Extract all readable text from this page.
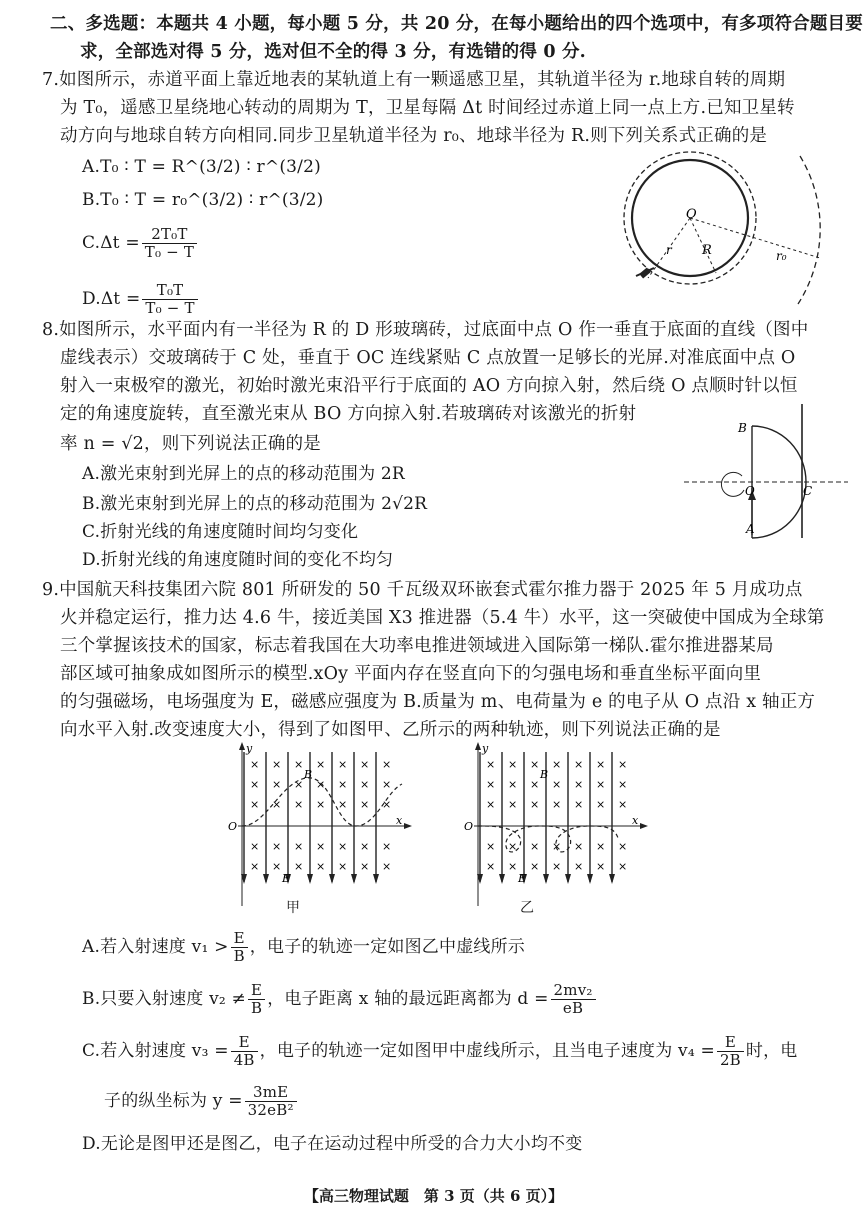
二、多选题：本题共 4 小题，每小题 5 分，共 20 分，在每小题给出的四个选项中，有多项符合题目要
求，全部选对得 5 分，选对但不全的得 3 分，有选错的得 0 分.
7.如图所示，赤道平面上靠近地表的某轨道上有一颗遥感卫星，其轨道半径为 r.地球自转的周期
为 T₀，遥感卫星绕地心转动的周期为 T，卫星每隔 Δt 时间经过赤道上同一点上方.已知卫星转
动方向与地球自转方向相同.同步卫星轨道半径为 r₀、地球半径为 R.则下列关系式正确的是
A.T₀ ∶ T = R^(3/2) ∶ r^(3/2)
B.T₀ ∶ T = r₀^(3/2) ∶ r^(3/2)
$C.\Delta t = \frac{\text{2T₀T}}{\text{T₀ − T}}$
$D.\Delta t = \frac{\text{T₀T}}{\text{T₀ − T}}$
O
r R	r₀
8.如图所示，水平面内有一半径为 R 的 D 形玻璃砖，过底面中点 O 作一垂直于底面的直线（图中
虚线表示）交玻璃砖于 C 处，垂直于 OC 连线紧贴 C 点放置一足够长的光屏.对准底面中点 O
射入一束极窄的激光，初始时激光束沿平行于底面的 AO 方向掠入射，然后绕 O 点顺时针以恒
定的角速度旋转，直至激光束从 BO 方向掠入射.若玻璃砖对该激光的折射
率 n = √2，则下列说法正确的是
A.激光束射到光屏上的点的移动范围为 2R
B.激光束射到光屏上的点的移动范围为 2√2R
C.折射光线的角速度随时间均匀变化
D.折射光线的角速度随时间的变化不均匀
B
O	C
A
9.中国航天科技集团六院 801 所研发的 50 千瓦级双环嵌套式霍尔推力器于 2025 年 5 月成功点
火并稳定运行，推力达 4.6 牛，接近美国 X3 推进器（5.4 牛）水平，这一突破使中国成为全球第
三个掌握该技术的国家，标志着我国在大功率电推进领域进入国际第一梯队.霍尔推进器某局
部区域可抽象成如图所示的模型.xOy 平面内存在竖直向下的匀强电场和垂直坐标平面向里
的匀强磁场，电场强度为 E，磁感应强度为 B.质量为 m、电荷量为 e 的电子从 O 点沿 x 轴正方
向水平入射.改变速度大小，得到了如图甲、乙所示的两种轨迹，则下列说法正确的是
× × × × × × ×
× × × × × × ×
× × × × × × ×
× × × × × × ×
× × × × × × ×
y
x
O
B
E
× × × × × × ×
× × × × × × ×
× × × × × × ×
× × × × × × ×
× × × × × × ×
y
x
O
B
E
甲	乙
A.若入射速度 $v_1 > \frac{E}{B}$ ，电子的轨迹一定如图乙中虚线所示
B.只要入射速度 $v_2 \ne \frac{E}{B}$ ，电子距离 x 轴的最远距离都为 $d = \frac{\text{2mv₂}}{eB}$
C.若入射速度 $v_3 = \frac{E}{4B}$ ，电子的轨迹一定如图甲中虚线所示，且当电子速度为 $v_4 = \frac{E}{2B}$ 时，电
子的纵坐标为 $y = \frac{3mE}{\text{32eB²}}$
D.无论是图甲还是图乙，电子在运动过程中所受的合力大小均不变
【高三物理试题　第 3 页（共 6 页）】
